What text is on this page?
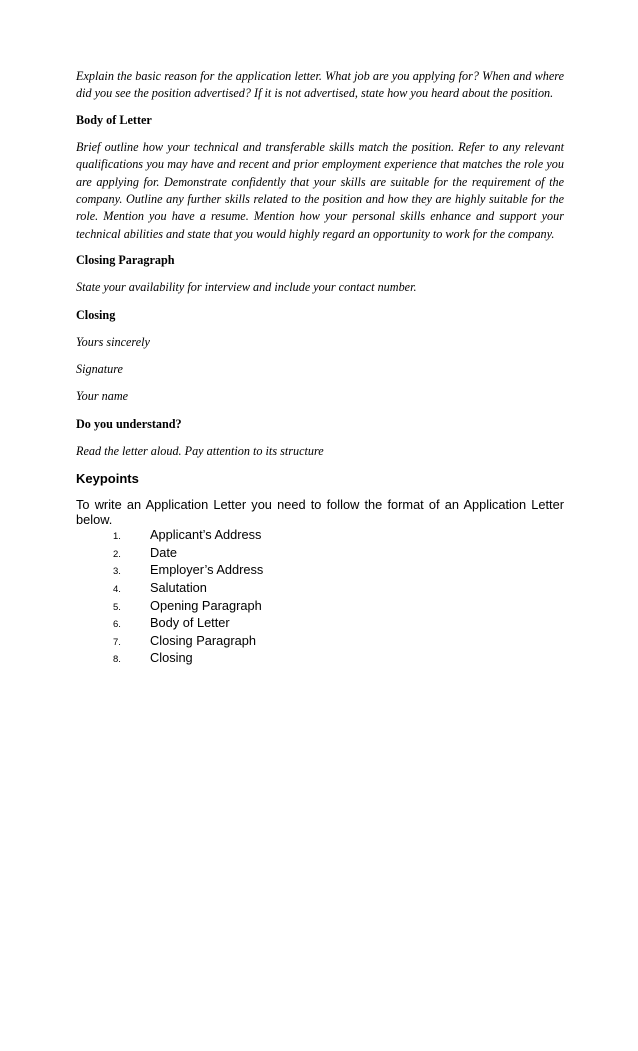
Explain the basic reason for the application letter. What job are you applying for? When and where did you see the position advertised? If it is not advertised, state how you heard about the position.

Body of Letter

Brief outline how your technical and transferable skills match the position. Refer to any relevant qualifications you may have and recent and prior employment experience that matches the role you are applying for. Demonstrate confidently that your skills are suitable for the requirement of the company. Outline any further skills related to the position and how they are highly suitable for the role. Mention you have a resume. Mention how your personal skills enhance and support your technical abilities and state that you would highly regard an opportunity to work for the company.

Closing Paragraph

State your availability for interview and include your contact number.

Closing

Yours sincerely

Signature

Your name

Do you understand?

Read the letter aloud. Pay attention to its structure

Keypoints

To write an Application Letter you need to follow the format of an Application Letter below.

1.	Applicant’s Address
2.	Date
3.	Employer’s Address
4.	Salutation
5.	Opening Paragraph
6.	Body of Letter
7.	Closing Paragraph
8.	Closing
